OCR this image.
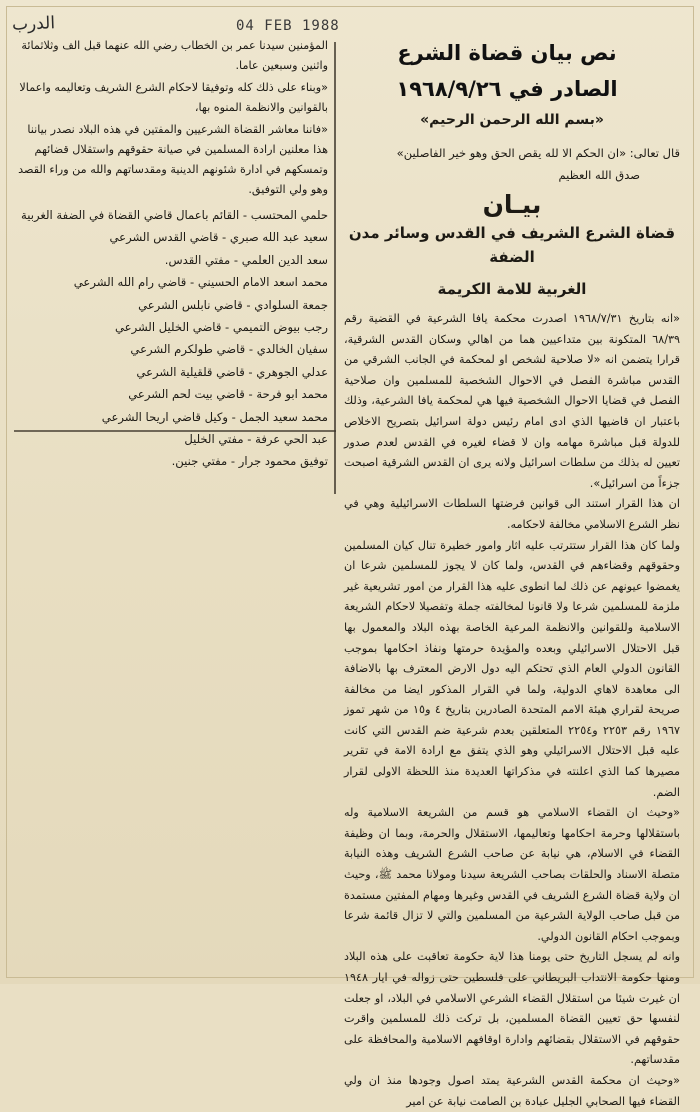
الدرب	04 FEB 1988
نص بيان قضاة الشرع
الصادر في ١٩٦٨/٩/٢٦
«بسم الله الرحمن الرحيم»
قال تعالى: «ان الحكم الا لله يقص الحق وهو خير الفاصلين»
صدق الله العظيم
بيـان
قضاة الشرع الشريف في القدس وسائر مدن الضفة
الغربية للامة الكريمة

«انه بتاريخ ١٩٦٨/٧/٣١ اصدرت محكمة يافا الشرعية في القضية رقم ٦٨/٣٩ المتكونة بين متداعيين هما من اهالي وسكان القدس الشرقية، قرارا يتضمن انه «لا صلاحية لشخص او لمحكمة في الجانب الشرقي من القدس مباشرة الفصل في الاحوال الشخصية للمسلمين وان صلاحية الفصل في قضايا الاحوال الشخصية فيها هي لمحكمة يافا الشرعية، وذلك باعتبار ان قاضيها الذي ادى امام رئيس دولة اسرائيل بتصريح الاخلاص للدولة قبل مباشرة مهامه وان لا قضاء لغيره في القدس لعدم صدور تعيين له بذلك من سلطات اسرائيل ولانه يرى ان القدس الشرقية اصبحت جزءاً من اسرائيل».

ان هذا القرار استند الى قوانين فرضتها السلطات الاسرائيلية وهي في نظر الشرع الاسلامي مخالفة لاحكامه.

ولما كان هذا القرار ستترتب عليه اثار وامور خطيرة تنال كيان المسلمين وحقوقهم وقضاءهم في القدس، ولما كان لا يجوز للمسلمين شرعا ان يغمضوا عيونهم عن ذلك لما انطوى عليه هذا القرار من امور تشريعية غير ملزمة للمسلمين شرعا ولا قانونا لمخالفته جملة وتفصيلا لاحكام الشريعة الاسلامية وللقوانين والانظمة المرعية الخاصة بهذه البلاد والمعمول بها قبل الاحتلال الاسرائيلي وبعده والمؤيدة حرمتها ونفاذ احكامها بموجب القانون الدولي العام الذي تحتكم اليه دول الارض المعترف بها بالاضافة الى معاهدة لاهاي الدولية، ولما في القرار المذكور ايضا من مخالفة صريحة لقراري هيئة الامم المتحدة الصادرين بتاريخ ٤ و١٥ من شهر تموز ١٩٦٧ رقم ٢٢٥٣ و٢٢٥٤ المتعلقين بعدم شرعية ضم القدس التي كانت عليه قبل الاحتلال الاسرائيلي وهو الذي يتفق مع ارادة الامة في تقرير مصيرها كما الذي اعلنته في مذكراتها العديدة منذ اللحظة الاولى لقرار الضم.

«وحيث ان القضاء الاسلامي هو قسم من الشريعة الاسلامية وله باستقلالها وحرمة احكامها وتعاليمها، الاستقلال والحرمة، وبما ان وظيفة القضاء في الاسلام، هي نيابة عن صاحب الشرع الشريف وهذه النيابة متصلة الاسناد والحلقات بصاحب الشريعة سيدنا ومولانا محمد ﷺ، وحيث ان ولاية قضاة الشرع الشريف في القدس وغيرها ومهام المفتين مستمدة من قبل صاحب الولاية الشرعية من المسلمين والتي لا تزال قائمة شرعا وبموجب احكام القانون الدولي.

وانه لم يسجل التاريخ حتى يومنا هذا لاية حكومة تعاقبت على هذه البلاد ومنها حكومة الانتداب البريطاني على فلسطين حتى زواله في ايار ١٩٤٨ ان غيرت شيئا من استقلال القضاء الشرعي الاسلامي في البلاد، او جعلت لنفسها حق تعيين القضاة المسلمين، بل تركت ذلك للمسلمين واقرت حقوقهم في الاستقلال بقضائهم وادارة اوقافهم الاسلامية والمحافظة على مقدساتهم.

«وحيث ان محكمة القدس الشرعية يمتد اصول وجودها منذ ان ولي القضاء فيها الصحابي الجليل عبادة بن الصامت نيابة عن امير

المؤمنين سيدنا عمر بن الخطاب رضي الله عنهما قبل الف وثلاثمائة واثنين وسبعين عاما.

«وبناء على ذلك كله وتوفيقا لاحكام الشرع الشريف وتعاليمه واعمالا بالقوانين والانظمة المنوه بها،

«فاننا معاشر القضاة الشرعيين والمفتين في هذه البلاد نصدر بياننا هذا معلنين ارادة المسلمين في صيانة حقوقهم واستقلال قضائهم وتمسكهم في ادارة شئونهم الدينية ومقدساتهم والله من وراء القصد وهو ولي التوفيق.

حلمي المحتسب - القائم باعمال قاضي القضاة في الضفة الغربية
سعيد عبد الله صبري - قاضي القدس الشرعي
سعد الدين العلمي - مفتي القدس.
محمد اسعد الامام الحسيني - قاضي رام الله الشرعي
جمعة السلوادي - قاضي نابلس الشرعي
رجب بيوض التميمي - قاضي الخليل الشرعي
سفيان الخالدي - قاضي طولكرم الشرعي
عدلي الجوهري - قاضي قلقيلية الشرعي
محمد ابو فرحة - قاضي بيت لحم الشرعي
محمد سعيد الجمل - وكيل قاضي اريحا الشرعي
عبد الحي عرفة - مفتي الخليل
توفيق محمود جرار - مفتي جنين.
